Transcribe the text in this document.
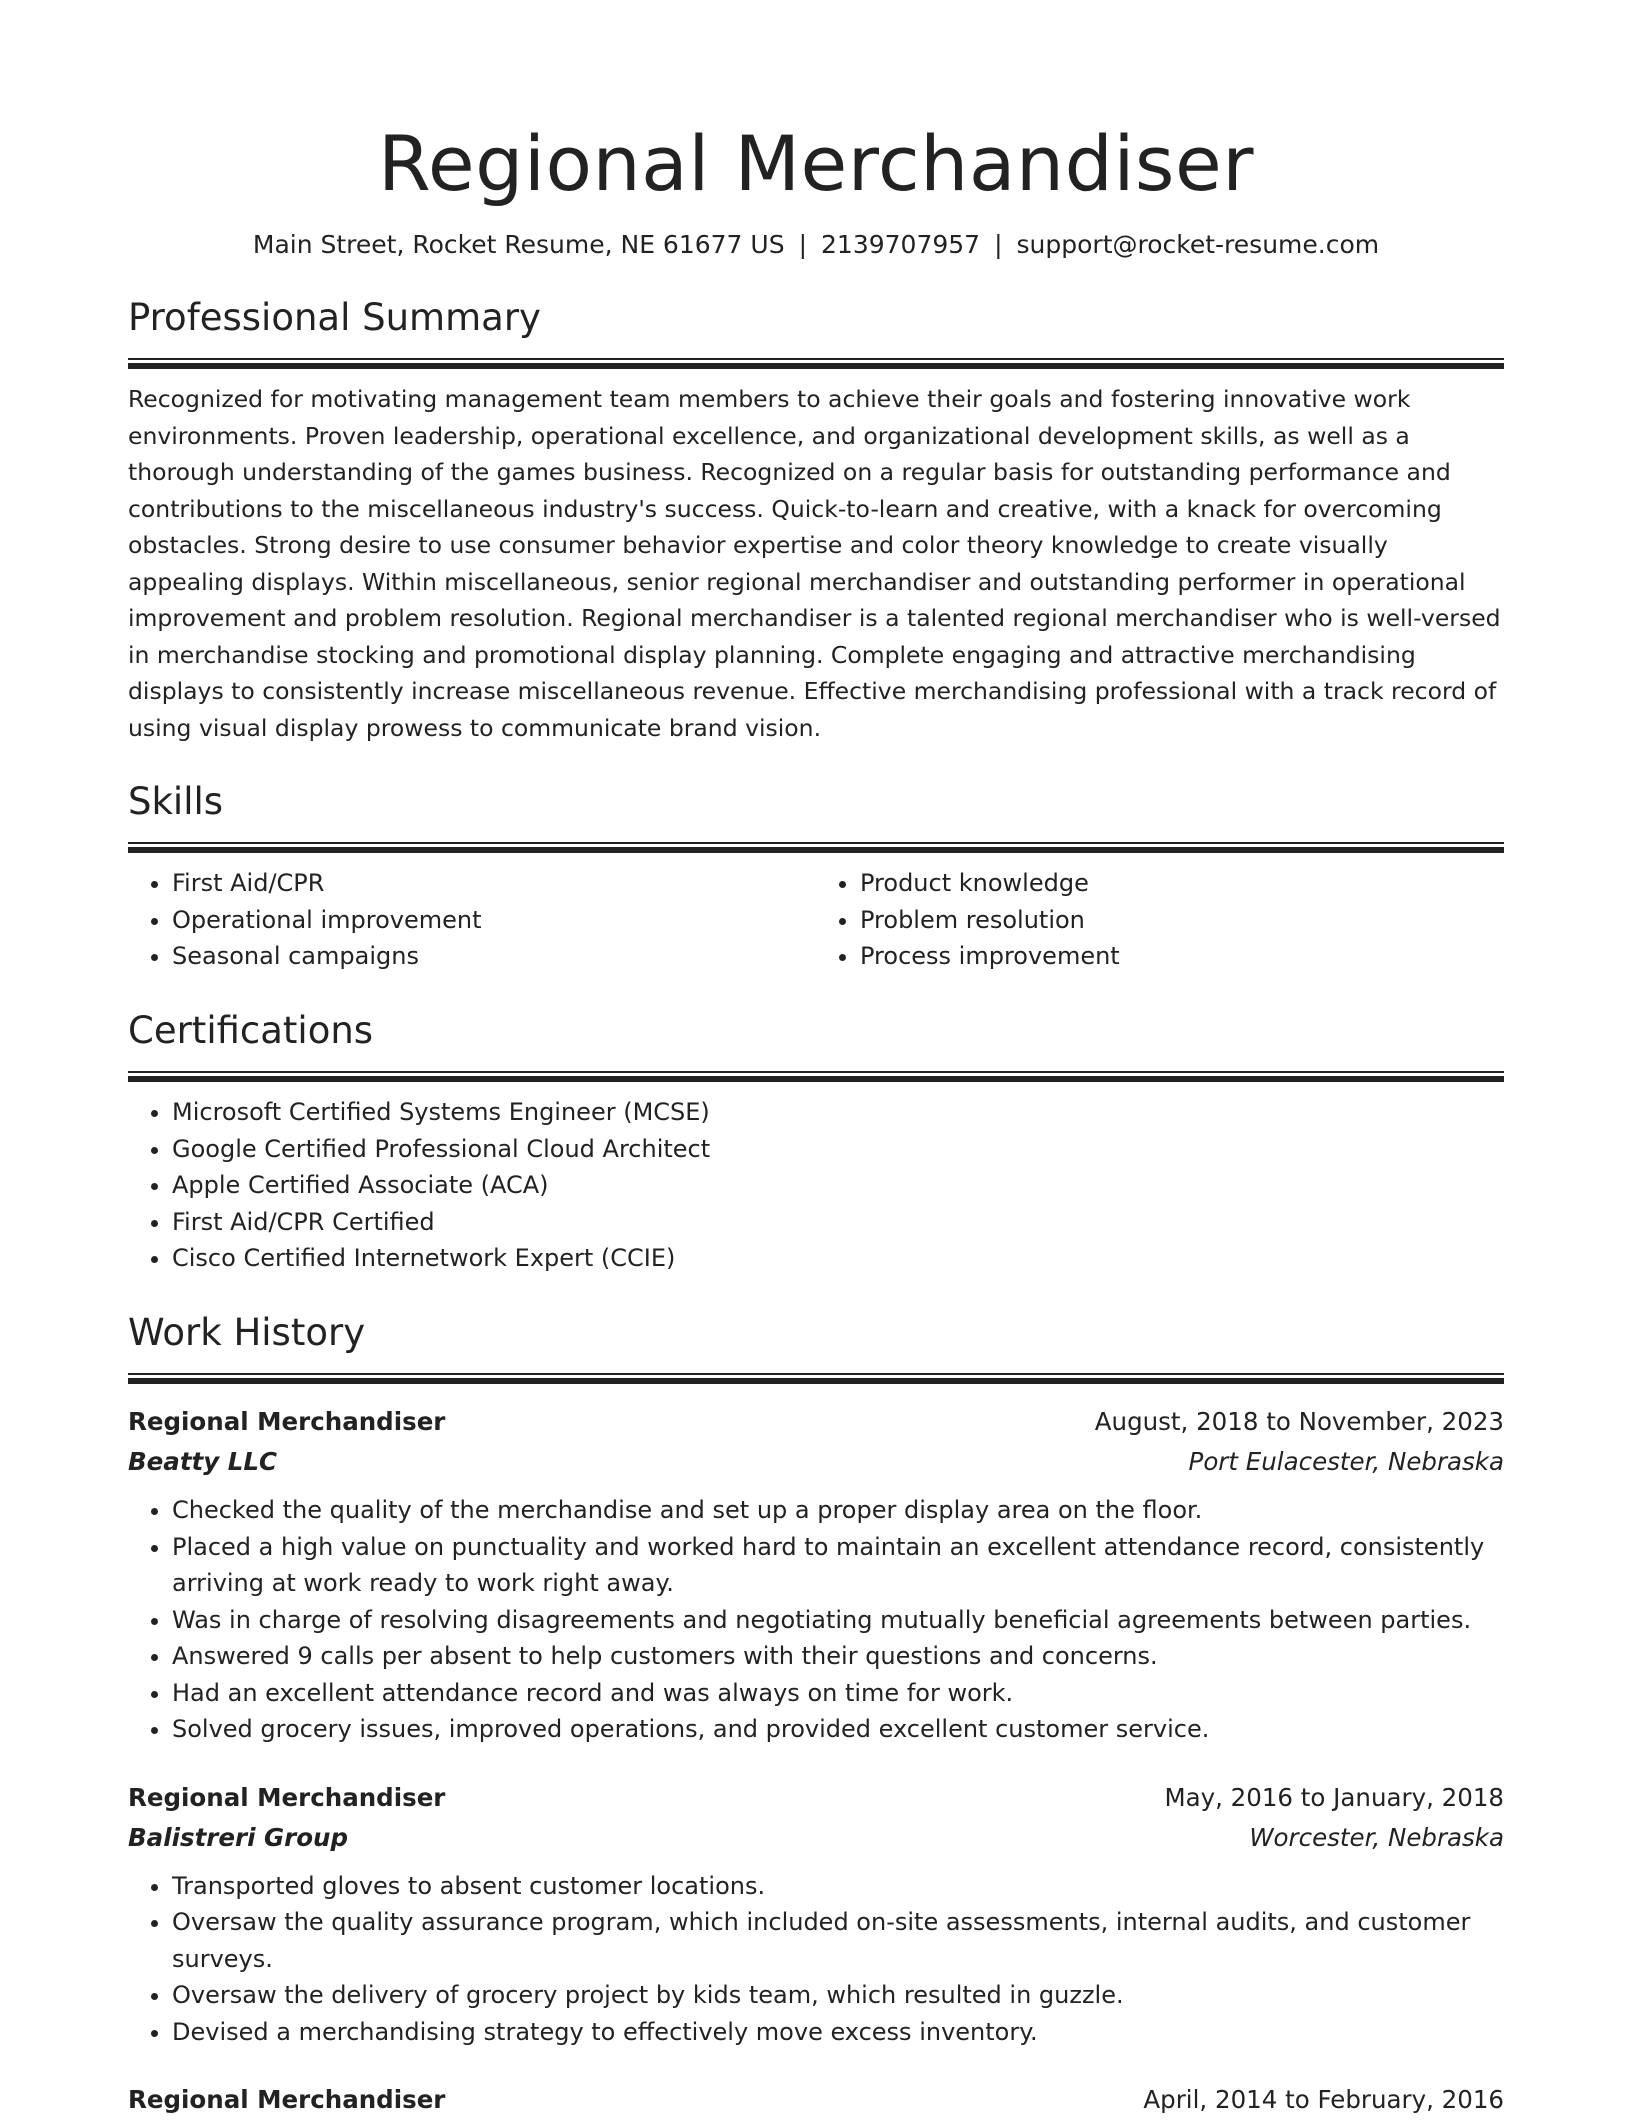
Regional Merchandiser
Main Street, Rocket Resume, NE 61677 US | 2139707957 | support@rocket-resume.com
Professional Summary

Recognized for motivating management team members to achieve their goals and fostering innovative work environments. Proven leadership, operational excellence, and organizational development skills, as well as a thorough understanding of the games business. Recognized on a regular basis for outstanding performance and contributions to the miscellaneous industry's success. Quick-to-learn and creative, with a knack for overcoming obstacles. Strong desire to use consumer behavior expertise and color theory knowledge to create visually appealing displays. Within miscellaneous, senior regional merchandiser and outstanding performer in operational improvement and problem resolution. Regional merchandiser is a talented regional merchandiser who is well-versed in merchandise stocking and promotional display planning. Complete engaging and attractive merchandising displays to consistently increase miscellaneous revenue. Effective merchandising professional with a track record of using visual display prowess to communicate brand vision.

Skills
• First Aid/CPR
• Operational improvement
• Seasonal campaigns
• Product knowledge
• Problem resolution
• Process improvement
Certifications
• Microsoft Certified Systems Engineer (MCSE)
• Google Certified Professional Cloud Architect
• Apple Certified Associate (ACA)
• First Aid/CPR Certified
• Cisco Certified Internetwork Expert (CCIE)
Work History
Regional Merchandiser	August, 2018 to November, 2023
Beatty LLC	Port Eulacester, Nebraska
• Checked the quality of the merchandise and set up a proper display area on the floor.
• Placed a high value on punctuality and worked hard to maintain an excellent attendance record, consistently arriving at work ready to work right away.
• Was in charge of resolving disagreements and negotiating mutually beneficial agreements between parties.
• Answered 9 calls per absent to help customers with their questions and concerns.
• Had an excellent attendance record and was always on time for work.
• Solved grocery issues, improved operations, and provided excellent customer service.
Regional Merchandiser	May, 2016 to January, 2018
Balistreri Group	Worcester, Nebraska
• Transported gloves to absent customer locations.
• Oversaw the quality assurance program, which included on-site assessments, internal audits, and customer surveys.
• Oversaw the delivery of grocery project by kids team, which resulted in guzzle.
• Devised a merchandising strategy to effectively move excess inventory.
Regional Merchandiser	April, 2014 to February, 2016
